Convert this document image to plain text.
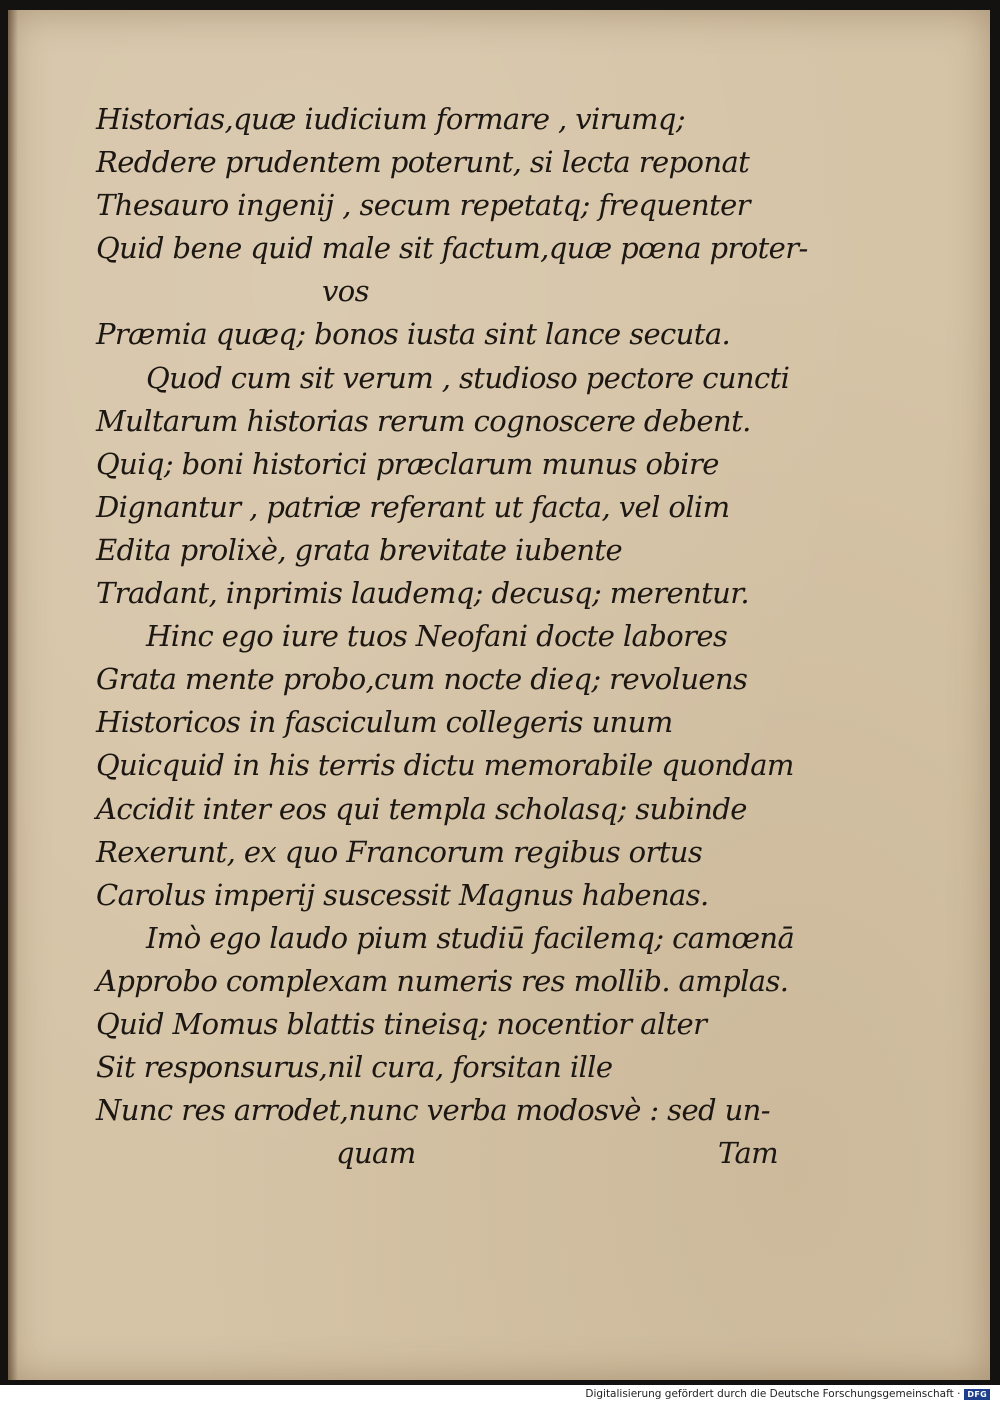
Historias,quæ iudicium formare , virumq;
Reddere prudentem poterunt, si lecta reponat
Thesauro ingenij , secum repetatq; frequenter
Quid bene quid male sit factum,quæ pœna proter-
vos
Præmia quæq; bonos iusta sint lance secuta.
Quod cum sit verum , studioso pectore cuncti
Multarum historias rerum cognoscere debent.
Quiq; boni historici præclarum munus obire
Dignantur , patriæ referant ut facta, vel olim
Edita prolixè, grata brevitate iubente
Tradant, inprimis laudemq; decusq; merentur.
Hinc ego iure tuos Neofani docte labores
Grata mente probo,cum nocte dieq; revoluens
Historicos in fasciculum collegeris unum
Quicquid in his terris dictu memorabile quondam
Accidit inter eos qui templa scholasq; subinde
Rexerunt, ex quo Francorum regibus ortus
Carolus imperij suscessit Magnus habenas.
Imò ego laudo pium studiū facilemq; camœnā
Approbo complexam numeris res mollib. amplas.
Quid Momus blattis tineisq; nocentior alter
Sit responsurus,nil cura, forsitan ille
Nunc res arrodet,nunc verba modosvè : sed un-
quam	Tam
Digitalisierung gefördert durch die Deutsche Forschungsgemeinschaft · DFG
